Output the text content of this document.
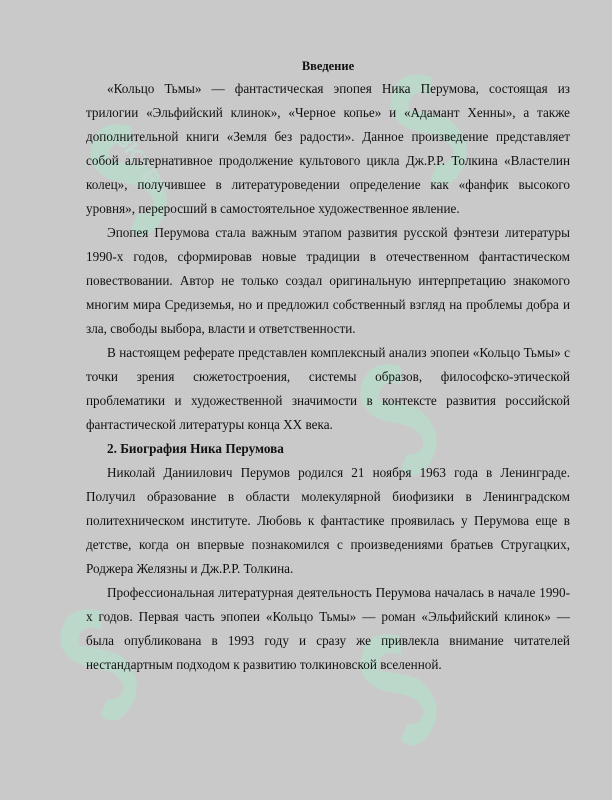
SKYEF

Введение

«Кольцо Тьмы» — фантастическая эпопея Ника Перумова, состоящая из трилогии «Эльфийский клинок», «Черное копье» и «Адамант Хенны», а также дополнительной книги «Земля без радости». Данное произведение представляет собой альтернативное продолжение культового цикла Дж.Р.Р. Толкина «Властелин колец», получившее в литературоведении определение как «фанфик высокого уровня», переросший в самостоятельное художественное явление.

Эпопея Перумова стала важным этапом развития русской фэнтези литературы 1990-х годов, сформировав новые традиции в отечественном фантастическом повествовании. Автор не только создал оригинальную интерпретацию знакомого многим мира Средиземья, но и предложил собственный взгляд на проблемы добра и зла, свободы выбора, власти и ответственности.

В настоящем реферате представлен комплексный анализ эпопеи «Кольцо Тьмы» с точки зрения сюжетостроения, системы образов, философско-этической проблематики и художественной значимости в контексте развития российской фантастической литературы конца XX века.

2. Биография Ника Перумова

Николай Даниилович Перумов родился 21 ноября 1963 года в Ленинграде. Получил образование в области молекулярной биофизики в Ленинградском политехническом институте. Любовь к фантастике проявилась у Перумова еще в детстве, когда он впервые познакомился с произведениями братьев Стругацких, Роджера Желязны и Дж.Р.Р. Толкина.

Профессиональная литературная деятельность Перумова началась в начале 1990-х годов. Первая часть эпопеи «Кольцо Тьмы» — роман «Эльфийский клинок» — была опубликована в 1993 году и сразу же привлекла внимание читателей нестандартным подходом к развитию толкиновской вселенной.
